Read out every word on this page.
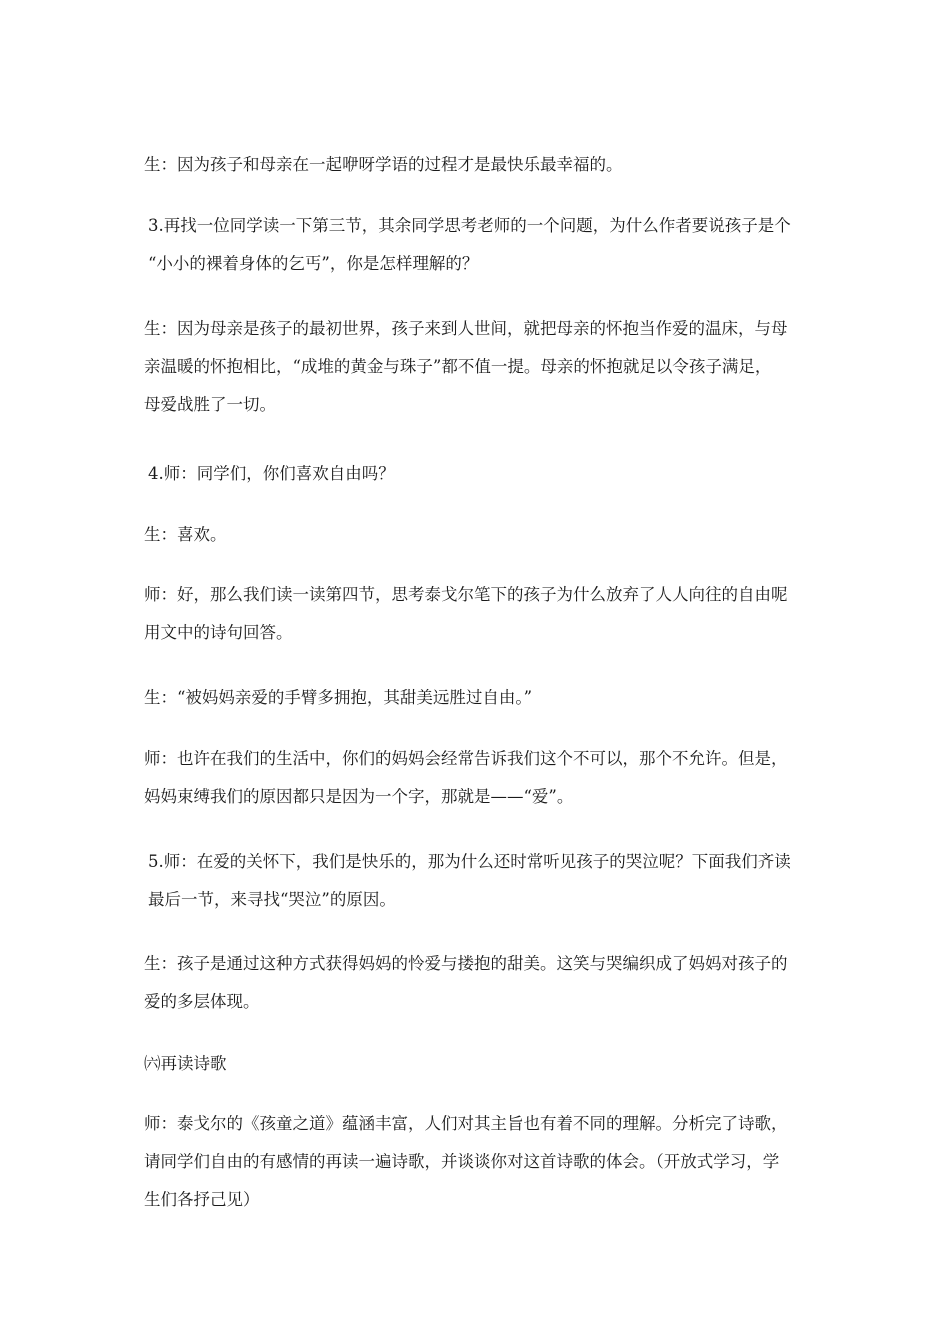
生：因为孩子和母亲在一起咿呀学语的过程才是最快乐最幸福的。

3.再找一位同学读一下第三节，其余同学思考老师的一个问题，为什么作者要说孩子是个
“小小的裸着身体的乞丐”，你是怎样理解的？

生：因为母亲是孩子的最初世界，孩子来到人世间，就把母亲的怀抱当作爱的温床，与母
亲温暖的怀抱相比，“成堆的黄金与珠子”都不值一提。母亲的怀抱就足以令孩子满足，
母爱战胜了一切。

4.师：同学们，你们喜欢自由吗？

生：喜欢。

师：好，那么我们读一读第四节，思考泰戈尔笔下的孩子为什么放弃了人人向往的自由呢
用文中的诗句回答。

生：“被妈妈亲爱的手臂多拥抱，其甜美远胜过自由。”

师：也许在我们的生活中，你们的妈妈会经常告诉我们这个不可以，那个不允许。但是，
妈妈束缚我们的原因都只是因为一个字，那就是——“爱”。

5.师：在爱的关怀下，我们是快乐的，那为什么还时常听见孩子的哭泣呢？下面我们齐读
最后一节，来寻找“哭泣”的原因。

生：孩子是通过这种方式获得妈妈的怜爱与搂抱的甜美。这笑与哭编织成了妈妈对孩子的
爱的多层体现。

㈥再读诗歌

师：泰戈尔的《孩童之道》蕴涵丰富，人们对其主旨也有着不同的理解。分析完了诗歌，
请同学们自由的有感情的再读一遍诗歌，并谈谈你对这首诗歌的体会。（开放式学习，学
生们各抒己见）
